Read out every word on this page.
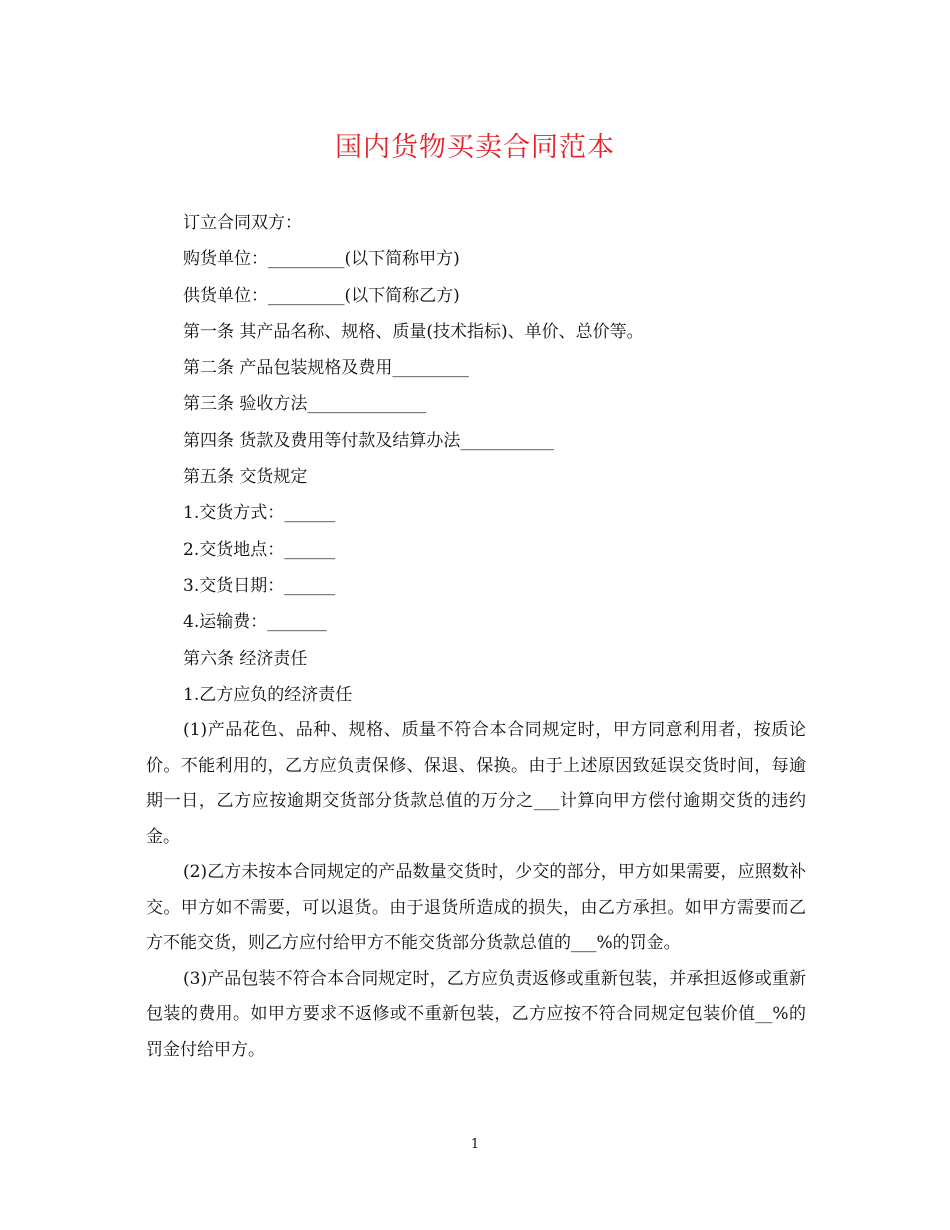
国内货物买卖合同范本
订立合同双方：
购货单位：_________(以下简称甲方)
供货单位：_________(以下简称乙方)
第一条 其产品名称、规格、质量(技术指标)、单价、总价等。
第二条 产品包装规格及费用_________
第三条 验收方法______________
第四条 货款及费用等付款及结算办法___________
第五条 交货规定
1.交货方式：______
2.交货地点：______
3.交货日期：______
4.运输费：_______
第六条 经济责任
1.乙方应负的经济责任

(1)产品花色、品种、规格、质量不符合本合同规定时，甲方同意利用者，按质论价。不能利用的，乙方应负责保修、保退、保换。由于上述原因致延误交货时间，每逾期一日，乙方应按逾期交货部分货款总值的万分之___计算向甲方偿付逾期交货的违约金。

(2)乙方未按本合同规定的产品数量交货时，少交的部分，甲方如果需要，应照数补交。甲方如不需要，可以退货。由于退货所造成的损失，由乙方承担。如甲方需要而乙方不能交货，则乙方应付给甲方不能交货部分货款总值的___%的罚金。

(3)产品包装不符合本合同规定时，乙方应负责返修或重新包装，并承担返修或重新包装的费用。如甲方要求不返修或不重新包装，乙方应按不符合同规定包装价值__%的罚金付给甲方。

1
